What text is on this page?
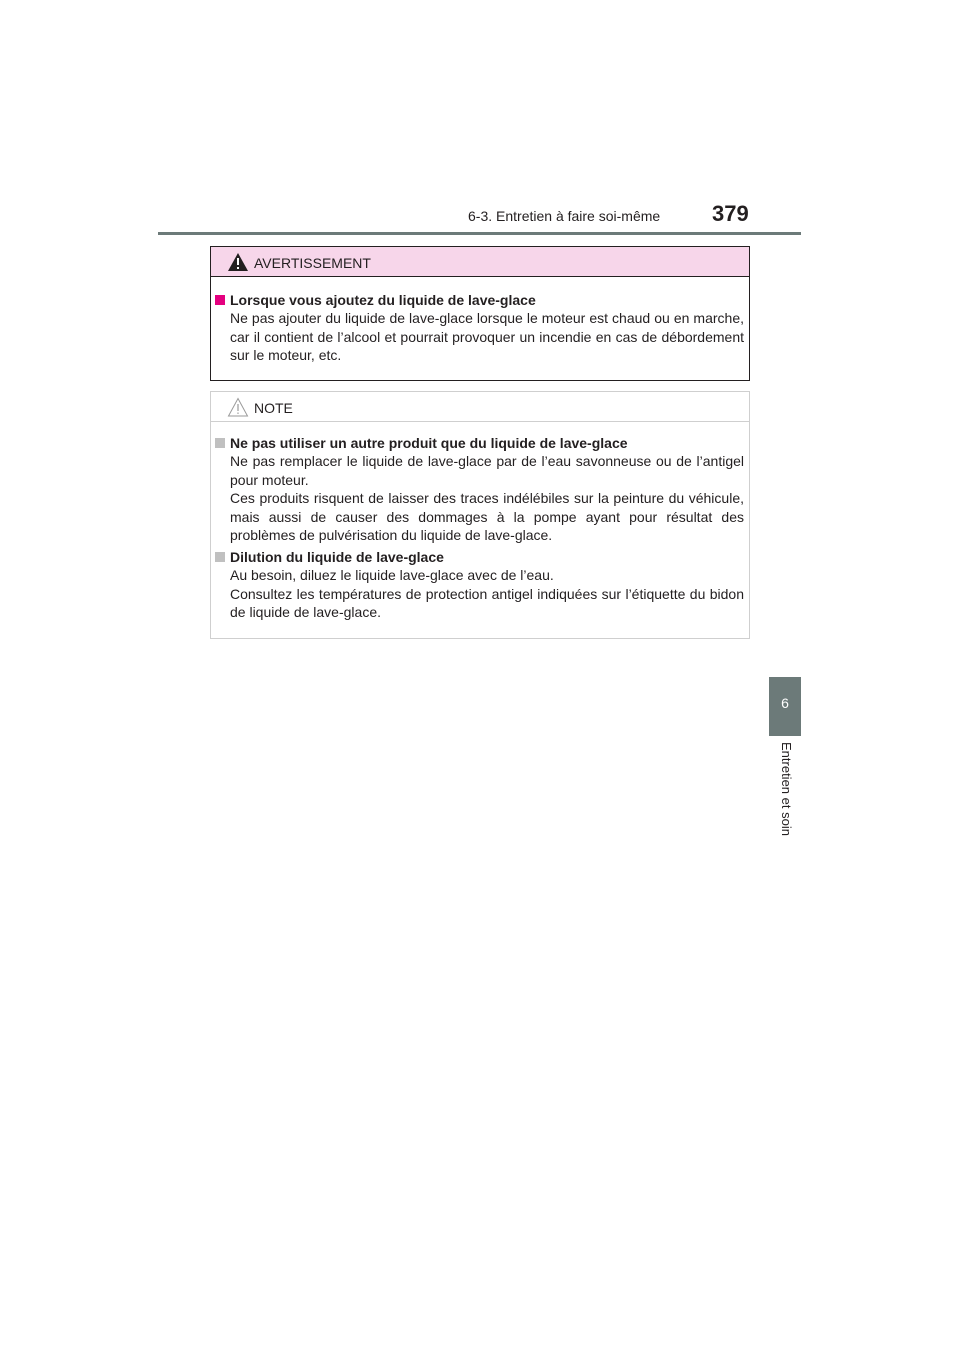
6-3. Entretien à faire soi-même 379
6
Entretien et soin
AVERTISSEMENT
Lorsque vous ajoutez du liquide de lave-glace
Ne pas ajouter du liquide de lave-glace lorsque le moteur est chaud ou en marche, car il contient de l’alcool et pourrait provoquer un incendie en cas de débordement sur le moteur, etc.
NOTE
Ne pas utiliser un autre produit que du liquide de lave-glace
Ne pas remplacer le liquide de lave-glace par de l’eau savonneuse ou de l’antigel pour moteur.
Ces produits risquent de laisser des traces indélébiles sur la peinture du véhicule, mais aussi de causer des dommages à la pompe ayant pour résultat des problèmes de pulvérisation du liquide de lave-glace.
Dilution du liquide de lave-glace
Au besoin, diluez le liquide lave-glace avec de l’eau.
Consultez les températures de protection antigel indiquées sur l’étiquette du bidon de liquide de lave-glace.
